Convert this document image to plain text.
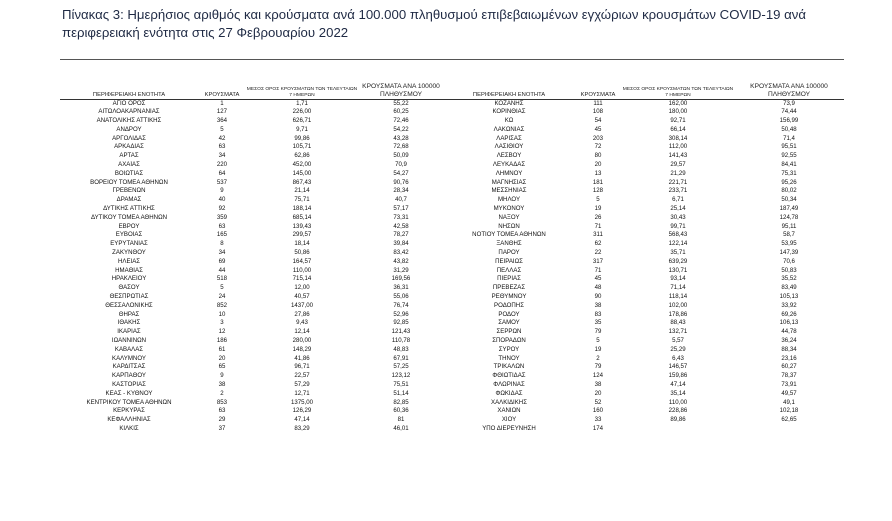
Πίνακας 3: Ημερήσιος αριθμός και κρούσματα ανά 100.000 πληθυσμού επιβεβαιωμένων εγχώριων κρουσμάτων COVID-19 ανά περιφερειακή ενότητα στις 27 Φεβρουαρίου 2022
ΠΕΡΙΦΕΡΕΙΑΚΗ ΕΝΟΤΗΤΑ	ΚΡΟΥΣΜΑΤΑ	ΜΕΣΟΣ ΟΡΟΣ ΚΡΟΥΣΜΑΤΩΝ ΤΩΝ ΤΕΛΕΥΤΑΙΩΝ 7 ΗΜΕΡΩΝ	ΚΡΟΥΣΜΑΤΑ ΑΝΑ 100000 ΠΛΗΘΥΣΜΟΥ	ΠΕΡΙΦΕΡΕΙΑΚΗ ΕΝΟΤΗΤΑ	ΚΡΟΥΣΜΑΤΑ	ΜΕΣΟΣ ΟΡΟΣ ΚΡΟΥΣΜΑΤΩΝ ΤΩΝ ΤΕΛΕΥΤΑΙΩΝ 7 ΗΜΕΡΩΝ	ΚΡΟΥΣΜΑΤΑ ΑΝΑ 100000 ΠΛΗΘΥΣΜΟΥ
ΑΓΙΟ ΟΡΟΣ	1	1,71	55,22	ΚΟΖΑΝΗΣ	111	162,00	73,9
ΑΙΤΩΛΟΑΚΑΡΝΑΝΙΑΣ	127	226,00	60,25	ΚΟΡΙΝΘΙΑΣ	108	180,00	74,44
ΑΝΑΤΟΛΙΚΗΣ ΑΤΤΙΚΗΣ	364	626,71	72,46	ΚΩ	54	92,71	156,99
ΑΝΔΡΟΥ	5	9,71	54,22	ΛΑΚΩΝΙΑΣ	45	66,14	50,48
ΑΡΓΟΛΙΔΑΣ	42	99,86	43,28	ΛΑΡΙΣΑΣ	203	308,14	71,4
ΑΡΚΑΔΙΑΣ	63	105,71	72,68	ΛΑΣΙΘΙΟΥ	72	112,00	95,51
ΑΡΤΑΣ	34	62,86	50,09	ΛΕΣΒΟΥ	80	141,43	92,55
ΑΧΑΪΑΣ	220	452,00	70,9	ΛΕΥΚΑΔΑΣ	20	29,57	84,41
ΒΟΙΩΤΙΑΣ	64	145,00	54,27	ΛΗΜΝΟΥ	13	21,29	75,31
ΒΟΡΕΙΟΥ ΤΟΜΕΑ ΑΘΗΝΩΝ	537	867,43	90,76	ΜΑΓΝΗΣΙΑΣ	181	221,71	95,26
ΓΡΕΒΕΝΩΝ	9	21,14	28,34	ΜΕΣΣΗΝΙΑΣ	128	233,71	80,02
ΔΡΑΜΑΣ	40	75,71	40,7	ΜΗΛΟΥ	5	6,71	50,34
ΔΥΤΙΚΗΣ ΑΤΤΙΚΗΣ	92	188,14	57,17	ΜΥΚΟΝΟΥ	19	25,14	187,49
ΔΥΤΙΚΟΥ ΤΟΜΕΑ ΑΘΗΝΩΝ	359	685,14	73,31	ΝΑΞΟΥ	26	30,43	124,78
ΕΒΡΟΥ	63	139,43	42,58	ΝΗΣΩΝ	71	99,71	95,11
ΕΥΒΟΙΑΣ	165	299,57	78,27	ΝΟΤΙΟΥ ΤΟΜΕΑ ΑΘΗΝΩΝ	311	568,43	58,7
ΕΥΡΥΤΑΝΙΑΣ	8	18,14	39,84	ΞΑΝΘΗΣ	62	122,14	53,95
ΖΑΚΥΝΘΟΥ	34	50,86	83,42	ΠΑΡΟΥ	22	35,71	147,39
ΗΛΕΙΑΣ	69	164,57	43,82	ΠΕΙΡΑΙΩΣ	317	639,29	70,6
ΗΜΑΘΙΑΣ	44	110,00	31,29	ΠΕΛΛΑΣ	71	130,71	50,83
ΗΡΑΚΛΕΙΟΥ	518	715,14	169,56	ΠΙΕΡΙΑΣ	45	93,14	35,52
ΘΑΣΟΥ	5	12,00	36,31	ΠΡΕΒΕΖΑΣ	48	71,14	83,49
ΘΕΣΠΡΩΤΙΑΣ	24	40,57	55,06	ΡΕΘΥΜΝΟΥ	90	118,14	105,13
ΘΕΣΣΑΛΟΝΙΚΗΣ	852	1437,00	76,74	ΡΟΔΟΠΗΣ	38	102,00	33,92
ΘΗΡΑΣ	10	27,86	52,96	ΡΟΔΟΥ	83	178,86	69,26
ΙΘΑΚΗΣ	3	9,43	92,85	ΣΑΜΟΥ	35	88,43	106,13
ΙΚΑΡΙΑΣ	12	12,14	121,43	ΣΕΡΡΩΝ	79	132,71	44,78
ΙΩΑΝΝΙΝΩΝ	186	280,00	110,78	ΣΠΟΡΑΔΩΝ	5	5,57	36,24
ΚΑΒΑΛΑΣ	61	148,29	48,83	ΣΥΡΟΥ	19	25,29	88,34
ΚΑΛΥΜΝΟΥ	20	41,86	67,91	ΤΗΝΟΥ	2	6,43	23,16
ΚΑΡΔΙΤΣΑΣ	65	96,71	57,25	ΤΡΙΚΑΛΩΝ	79	146,57	60,27
ΚΑΡΠΑΘΟΥ	9	22,57	123,12	ΦΘΙΩΤΙΔΑΣ	124	159,86	78,37
ΚΑΣΤΟΡΙΑΣ	38	57,29	75,51	ΦΛΩΡΙΝΑΣ	38	47,14	73,91
ΚΕΑΣ - ΚΥΘΝΟΥ	2	12,71	51,14	ΦΩΚΙΔΑΣ	20	35,14	49,57
ΚΕΝΤΡΙΚΟΥ ΤΟΜΕΑ ΑΘΗΝΩΝ	853	1375,00	82,85	ΧΑΛΚΙΔΙΚΗΣ	52	110,00	49,1
ΚΕΡΚΥΡΑΣ	63	126,29	60,36	ΧΑΝΙΩΝ	160	228,86	102,18
ΚΕΦΑΛΛΗΝΙΑΣ	29	47,14	81	ΧΙΟΥ	33	89,86	62,65
ΚΙΛΚΙΣ	37	83,29	46,01	ΥΠΟ ΔΙΕΡΕΥΝΗΣΗ	174		
